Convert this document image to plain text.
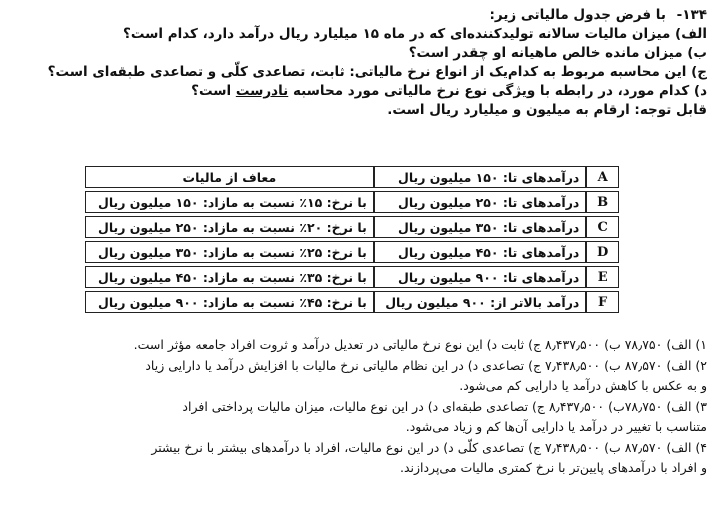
۱۳۴- با فرض جدول مالیاتی زیر:
الف) میزان مالیات سالانه تولیدکننده‌ای که در ماه ۱۵ میلیارد ریال درآمد دارد، کدام است؟
ب) میزان مانده خالص ماهیانه او چقدر است؟
ج) این محاسبه مربوط به کدام‌یک از انواع نرخ مالیاتی: ثابت، تصاعدی کلّی و تصاعدی طبقه‌ای است؟
د) کدام مورد، در رابطه با ویژگی نوع نرخ مالیاتی مورد محاسبه نادرست است؟
قابل توجه: ارقام به میلیون و میلیارد ریال است.
A	درآمدهای تا: ۱۵۰ میلیون ریال	معاف از مالیات
B	درآمدهای تا: ۲۵۰ میلیون ریال	با نرخ: ۱۵٪ نسبت به مازاد: ۱۵۰ میلیون ریال
C	درآمدهای تا: ۳۵۰ میلیون ریال	با نرخ: ۲۰٪ نسبت به مازاد: ۲۵۰ میلیون ریال
D	درآمدهای تا: ۴۵۰ میلیون ریال	با نرخ: ۲۵٪ نسبت به مازاد: ۳۵۰ میلیون ریال
E	درآمدهای تا: ۹۰۰ میلیون ریال	با نرخ: ۳۵٪ نسبت به مازاد: ۴۵۰ میلیون ریال
F	درآمد بالاتر از: ۹۰۰ میلیون ریال	با نرخ: ۴۵٪ نسبت به مازاد: ۹۰۰ میلیون ریال
۱) الف) ۷۸٫۷۵۰ ب) ۸٫۴۳۷٫۵۰۰ ج) ثابت د) این نوع نرخ مالیاتی در تعدیل درآمد و ثروت افراد جامعه مؤثر است.
۲) الف) ۸۷٫۵۷۰ ب) ۷٫۴۳۸٫۵۰۰ ج) تصاعدی د) در این نظام مالیاتی نرخ مالیات با افزایش درآمد یا دارایی زیاد
و به عکس با کاهش درآمد یا دارایی کم می‌شود.
۳) الف) ۷۸٫۷۵۰ب) ۸٫۴۳۷٫۵۰۰ ج) تصاعدی طبقه‌ای د) در این نوع مالیات، میزان مالیات پرداختی افراد
متناسب با تغییر در درآمد یا دارایی آن‌ها کم و زیاد می‌شود.
۴) الف) ۸۷٫۵۷۰ ب) ۷٫۴۳۸٫۵۰۰ ج) تصاعدی کلّی د) در این نوع مالیات، افراد با درآمدهای بیشتر با نرخ بیشتر
و افراد با درآمدهای پایین‌تر با نرخ کمتری مالیات می‌پردازند.
